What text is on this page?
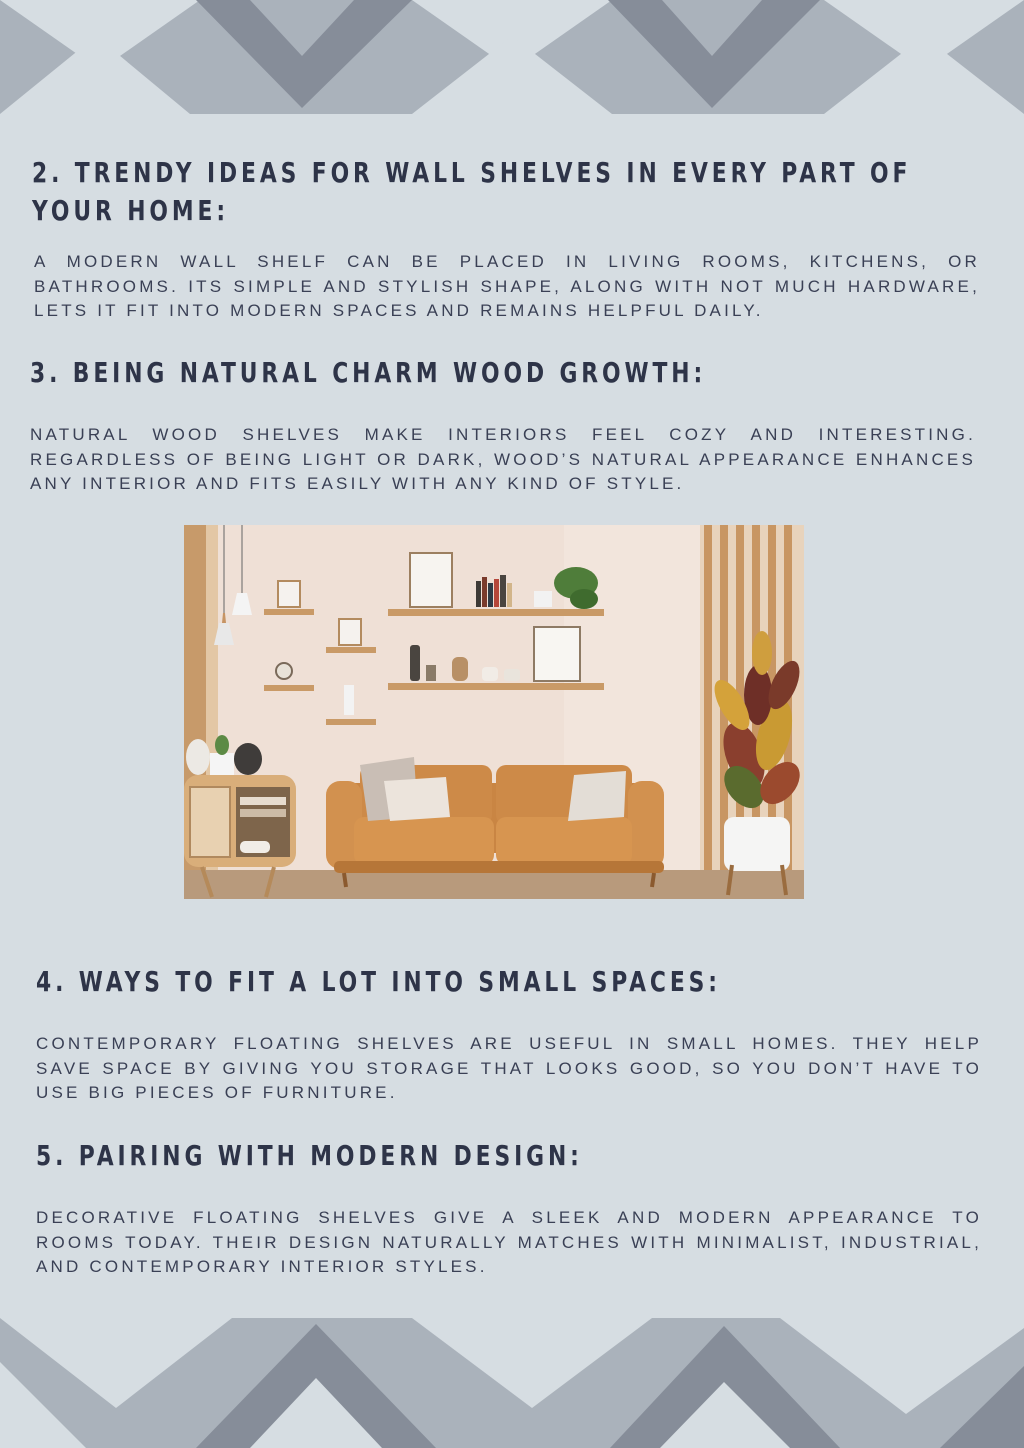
2. TRENDY IDEAS FOR WALL SHELVES IN EVERY PART OF YOUR HOME:

A MODERN WALL SHELF CAN BE PLACED IN LIVING ROOMS, KITCHENS, OR BATHROOMS. ITS SIMPLE AND STYLISH SHAPE, ALONG WITH NOT MUCH HARDWARE, LETS IT FIT INTO MODERN SPACES AND REMAINS HELPFUL DAILY.

3. BEING NATURAL CHARM WOOD GROWTH:

NATURAL WOOD SHELVES MAKE INTERIORS FEEL COZY AND INTERESTING. REGARDLESS OF BEING LIGHT OR DARK, WOOD’S NATURAL APPEARANCE ENHANCES ANY INTERIOR AND FITS EASILY WITH ANY KIND OF STYLE.

4. WAYS TO FIT A LOT INTO SMALL SPACES:

CONTEMPORARY FLOATING SHELVES ARE USEFUL IN SMALL HOMES. THEY HELP SAVE SPACE BY GIVING YOU STORAGE THAT LOOKS GOOD, SO YOU DON’T HAVE TO USE BIG PIECES OF FURNITURE.

5. PAIRING WITH MODERN DESIGN:

DECORATIVE FLOATING SHELVES GIVE A SLEEK AND MODERN APPEARANCE TO ROOMS TODAY. THEIR DESIGN NATURALLY MATCHES WITH MINIMALIST, INDUSTRIAL, AND CONTEMPORARY INTERIOR STYLES.
